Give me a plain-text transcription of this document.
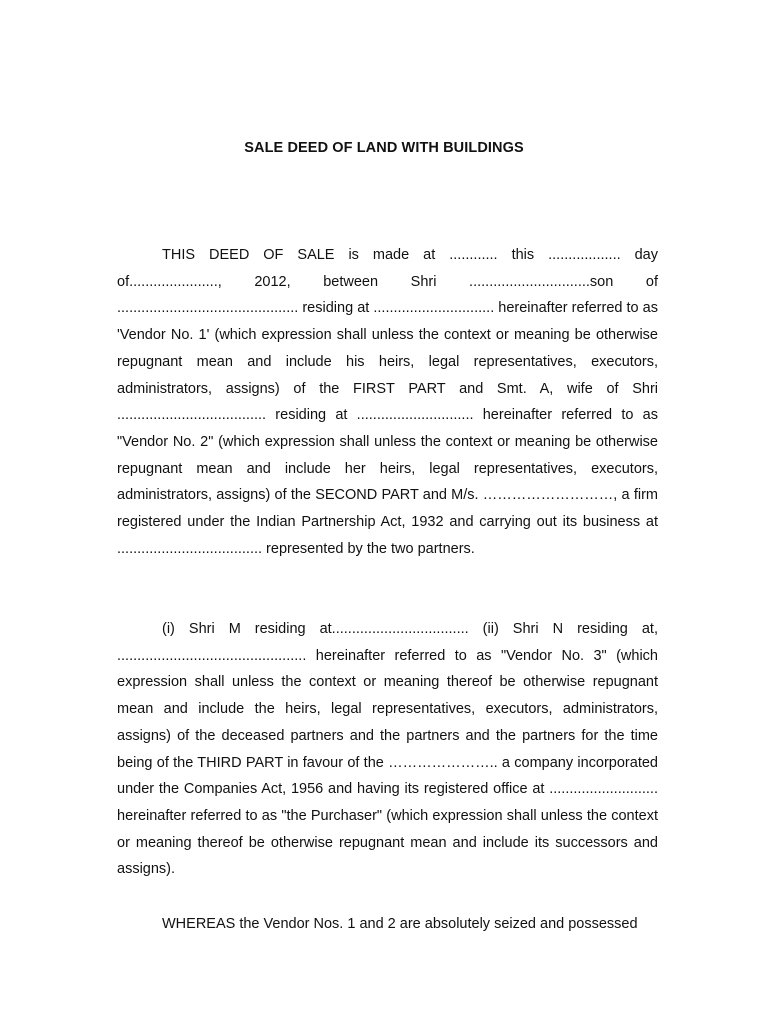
SALE DEED OF LAND WITH BUILDINGS
THIS DEED OF SALE is made at ............ this .................. day of......................, 2012, between Shri ..............................son of ............................................. residing at .............................. hereinafter referred to as 'Vendor No. 1' (which expression shall unless the context or meaning be otherwise repugnant mean and include his heirs, legal representatives, executors, administrators, assigns) of the FIRST PART and Smt. A, wife of Shri ..................................... residing at ............................. hereinafter referred to as "Vendor No. 2" (which expression shall unless the context or meaning be otherwise repugnant mean and include her heirs, legal representatives, executors, administrators, assigns) of the SECOND PART and M/s. ………………………, a firm registered under the Indian Partnership Act, 1932 and carrying out its business at .................................... represented by the two partners.
(i) Shri M residing at.................................. (ii) Shri N residing at, ............................................... hereinafter referred to as "Vendor No. 3" (which expression shall unless the context or meaning thereof be otherwise repugnant mean and include the heirs, legal representatives, executors, administrators, assigns) of the deceased partners and the partners and the partners for the time being of the THIRD PART in favour of the ………………….. a company incorporated under the Companies Act, 1956 and having its registered office at ........................... hereinafter referred to as "the Purchaser" (which expression shall unless the context or meaning thereof be otherwise repugnant mean and include its successors and assigns).
WHEREAS the Vendor Nos. 1 and 2 are absolutely seized and possessed
